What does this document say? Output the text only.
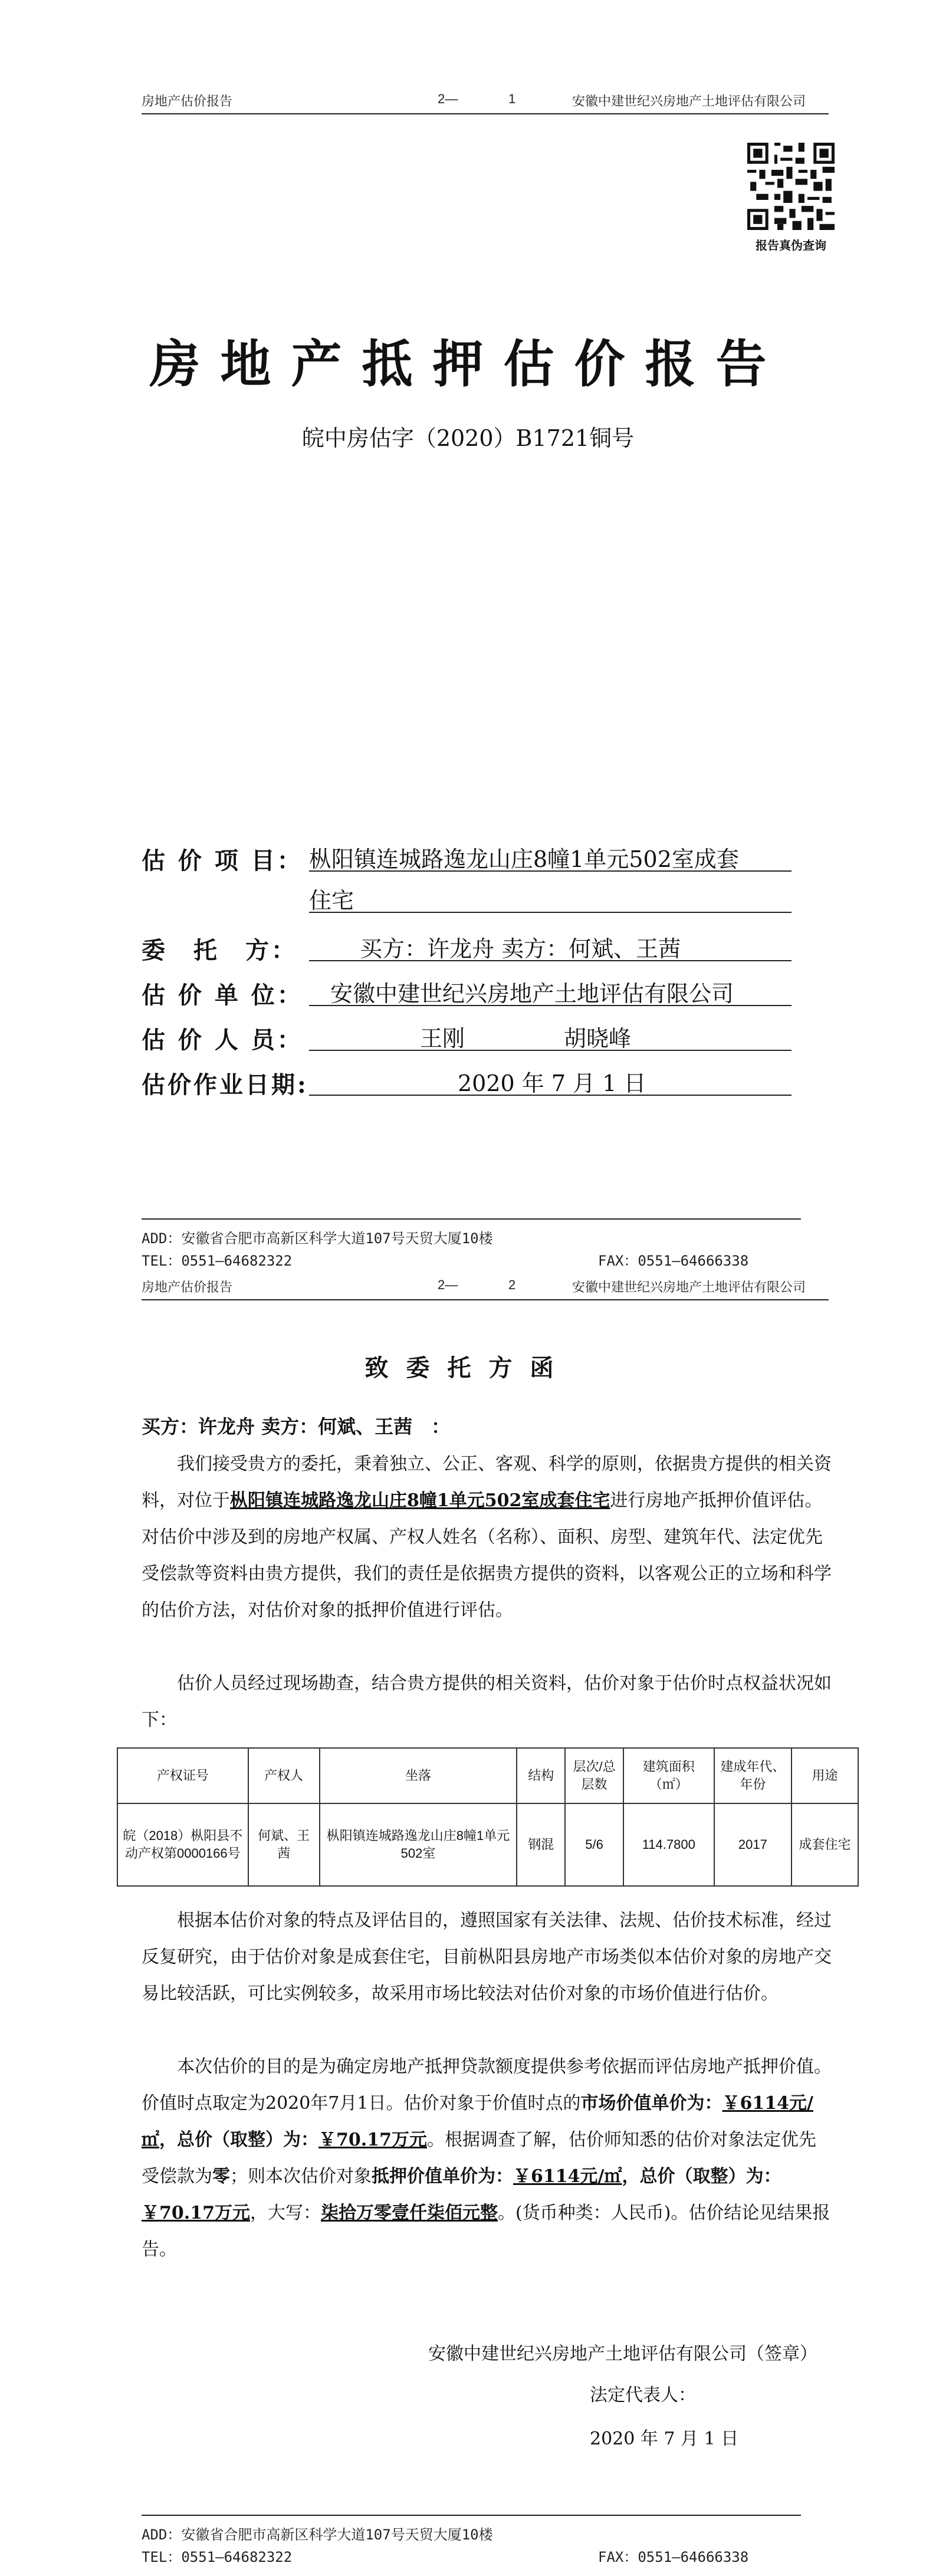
房地产估价报告	2—	1	安徽中建世纪兴房地产土地评估有限公司
报告真伪查询
房地产抵押估价报告
皖中房估字（2020）B1721铜号
估 价 项 目： 枞阳镇连城路逸龙山庄8幢1单元502室成套
住宅
委　托　方：	买方：许龙舟 卖方：何斌、王茜
估 价 单 位： 安徽中建世纪兴房地产土地评估有限公司
估 价 人 员：	王刚	胡晓峰
估价作业日期:	2020 年 7 月 1 日
ADD：安徽省合肥市高新区科学大道107号天贸大厦10楼
TEL：0551—64682322	FAX：0551—64666338
房地产估价报告	2—	2	安徽中建世纪兴房地产土地评估有限公司
致委托方函
买方：许龙舟 卖方：何斌、王茜　：
我们接受贵方的委托，秉着独立、公正、客观、科学的原则，依据贵方提供的相关资料，对位于枞阳镇连城路逸龙山庄8幢1单元502室成套住宅进行房地产抵押价值评估。对估价中涉及到的房地产权属、产权人姓名（名称）、面积、房型、建筑年代、法定优先受偿款等资料由贵方提供，我们的责任是依据贵方提供的资料，以客观公正的立场和科学的估价方法，对估价对象的抵押价值进行评估。
估价人员经过现场勘查，结合贵方提供的相关资料，估价对象于估价时点权益状况如下：
产权证号	产权人	坐落	结构	层次/总层数	建筑面积（㎡）	建成年代、年份	用途
皖（2018）枞阳县不动产权第0000166号	何斌、王茜	枞阳镇连城路逸龙山庄8幢1单元502室	钢混	5/6	114.7800	2017	成套住宅
根据本估价对象的特点及评估目的，遵照国家有关法律、法规、估价技术标准，经过反复研究，由于估价对象是成套住宅，目前枞阳县房地产市场类似本估价对象的房地产交易比较活跃，可比实例较多，故采用市场比较法对估价对象的市场价值进行估价。
本次估价的目的是为确定房地产抵押贷款额度提供参考依据而评估房地产抵押价值。价值时点取定为2020年7月1日。估价对象于价值时点的市场价值单价为：￥6114元/㎡，总价（取整）为：￥70.17万元。根据调查了解，估价师知悉的估价对象法定优先受偿款为零；则本次估价对象抵押价值单价为：￥6114元/㎡，总价（取整）为：￥70.17万元，大写：柒拾万零壹仟柒佰元整。(货币种类：人民币)。估价结论见结果报告。
安徽中建世纪兴房地产土地评估有限公司（签章）
法定代表人：
2020 年 7 月 1 日
ADD：安徽省合肥市高新区科学大道107号天贸大厦10楼
TEL：0551—64682322	FAX：0551—64666338
